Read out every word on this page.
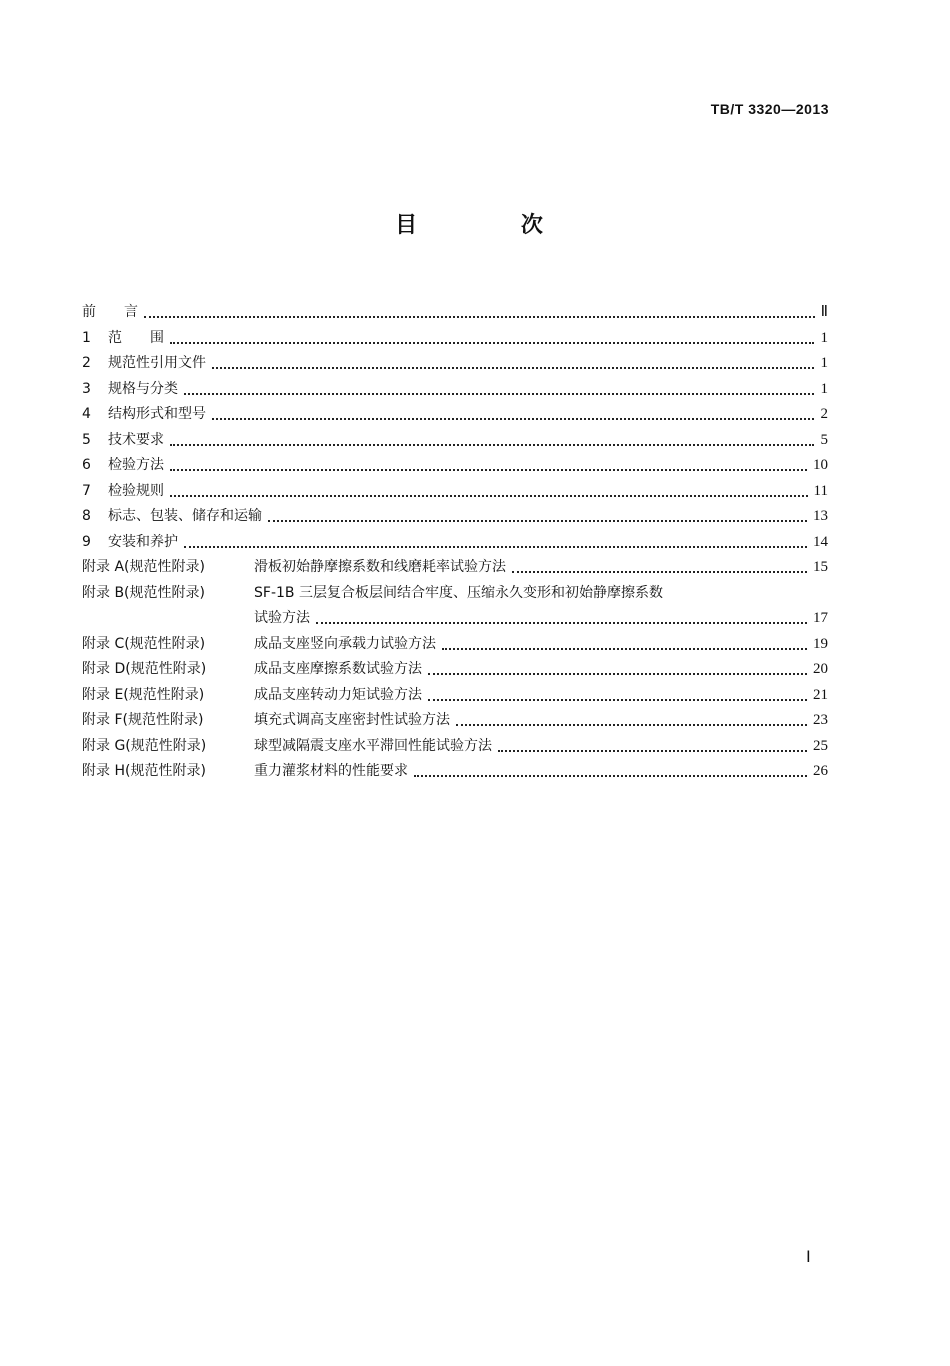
TB/T 3320—2013
目 次
前　　言	Ⅱ
1 范　　围	1
2 规范性引用文件	1
3 规格与分类	1
4 结构形式和型号	2
5 技术要求	5
6 检验方法	10
7 检验规则	11
8 标志、包装、储存和运输	13
9 安装和养护	14
附录 A(规范性附录)	滑板初始静摩擦系数和线磨耗率试验方法	15
附录 B(规范性附录)	SF-1B 三层复合板层间结合牢度、压缩永久变形和初始静摩擦系数
试验方法	17
附录 C(规范性附录)	成品支座竖向承载力试验方法	19
附录 D(规范性附录)	成品支座摩擦系数试验方法	20
附录 E(规范性附录)	成品支座转动力矩试验方法	21
附录 F(规范性附录)	填充式调高支座密封性试验方法	23
附录 G(规范性附录)	球型减隔震支座水平滞回性能试验方法	25
附录 H(规范性附录)	重力灌浆材料的性能要求	26
Ⅰ
